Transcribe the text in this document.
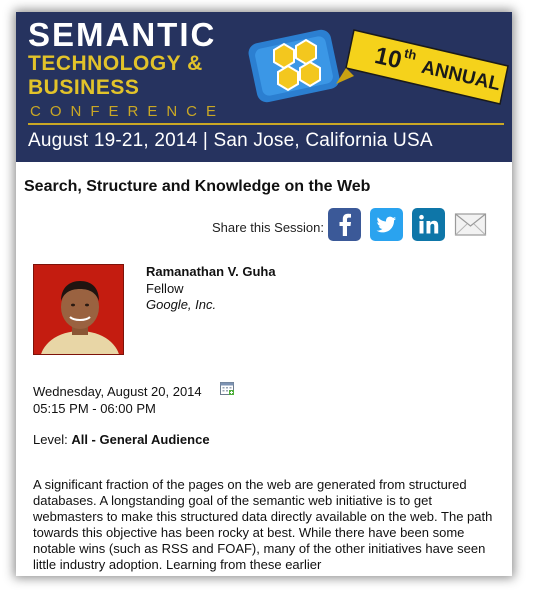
SEMANTIC
TECHNOLOGY &
BUSINESS
CONFERENCE
August 19-21, 2014 | San Jose, California USA
10
th
ANNUAL
Search, Structure and Knowledge on the Web
Share this Session:
Ramanathan V. Guha
Fellow
Google, Inc.
Wednesday, August 20, 2014
05:15 PM - 06:00 PM
Level: All - General Audience

A significant fraction of the pages on the web are generated from structured databases. A longstanding goal of the semantic web initiative is to get webmasters to make this structured data directly available on the web. The path towards this objective has been rocky at best. While there have been some notable wins (such as RSS and FOAF), many of the other initiatives have seen little industry adoption. Learning from these earlier
